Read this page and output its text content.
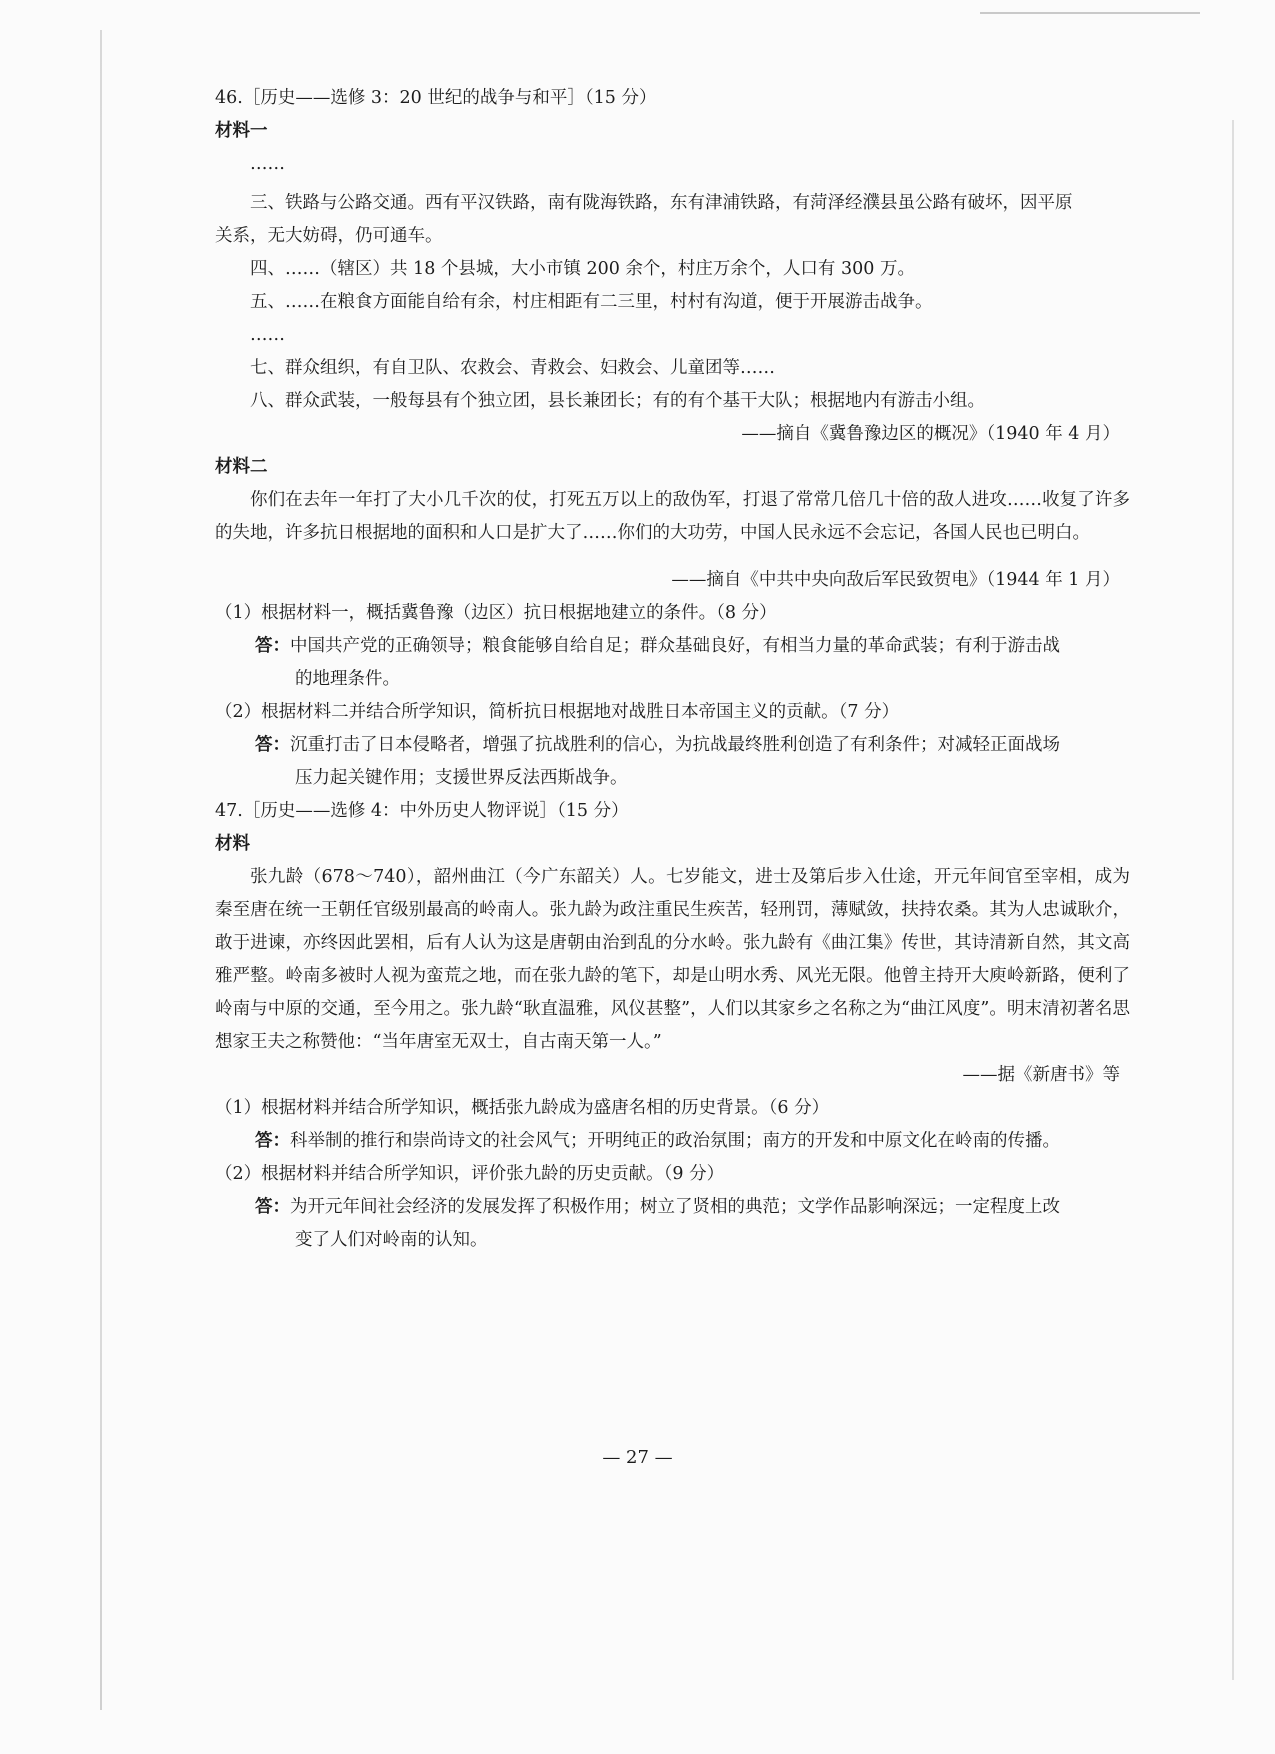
46.［历史——选修 3：20 世纪的战争与和平］（15 分）
材料一
……
三、铁路与公路交通。西有平汉铁路，南有陇海铁路，东有津浦铁路，有菏泽经濮县虽公路有破坏，因平原
关系，无大妨碍，仍可通车。
四、……（辖区）共 18 个县城，大小市镇 200 余个，村庄万余个，人口有 300 万。
五、……在粮食方面能自给有余，村庄相距有二三里，村村有沟道，便于开展游击战争。
……
七、群众组织，有自卫队、农救会、青救会、妇救会、儿童团等……
八、群众武装，一般每县有个独立团，县长兼团长；有的有个基干大队；根据地内有游击小组。
——摘自《冀鲁豫边区的概况》（1940 年 4 月）
材料二
你们在去年一年打了大小几千次的仗，打死五万以上的敌伪军，打退了常常几倍几十倍的敌人进攻……收复了许多的失地，许多抗日根据地的面积和人口是扩大了……你们的大功劳，中国人民永远不会忘记，各国人民也已明白。
——摘自《中共中央向敌后军民致贺电》（1944 年 1 月）
（1）根据材料一，概括冀鲁豫（边区）抗日根据地建立的条件。（8 分）
答：中国共产党的正确领导；粮食能够自给自足；群众基础良好，有相当力量的革命武装；有利于游击战
的地理条件。
（2）根据材料二并结合所学知识，简析抗日根据地对战胜日本帝国主义的贡献。（7 分）
答：沉重打击了日本侵略者，增强了抗战胜利的信心，为抗战最终胜利创造了有利条件；对减轻正面战场
压力起关键作用；支援世界反法西斯战争。
47.［历史——选修 4：中外历史人物评说］（15 分）
材料
张九龄（678～740），韶州曲江（今广东韶关）人。七岁能文，进士及第后步入仕途，开元年间官至宰相，成为秦至唐在统一王朝任官级别最高的岭南人。张九龄为政注重民生疾苦，轻刑罚，薄赋敛，扶持农桑。其为人忠诚耿介，敢于进谏，亦终因此罢相，后有人认为这是唐朝由治到乱的分水岭。张九龄有《曲江集》传世，其诗清新自然，其文高雅严整。岭南多被时人视为蛮荒之地，而在张九龄的笔下，却是山明水秀、风光无限。他曾主持开大庾岭新路，便利了岭南与中原的交通，至今用之。张九龄“耿直温雅，风仪甚整”，人们以其家乡之名称之为“曲江风度”。明末清初著名思想家王夫之称赞他：“当年唐室无双士，自古南天第一人。”
——据《新唐书》等
（1）根据材料并结合所学知识，概括张九龄成为盛唐名相的历史背景。（6 分）
答：科举制的推行和崇尚诗文的社会风气；开明纯正的政治氛围；南方的开发和中原文化在岭南的传播。
（2）根据材料并结合所学知识，评价张九龄的历史贡献。（9 分）
答：为开元年间社会经济的发展发挥了积极作用；树立了贤相的典范；文学作品影响深远；一定程度上改
变了人们对岭南的认知。
— 27 —
